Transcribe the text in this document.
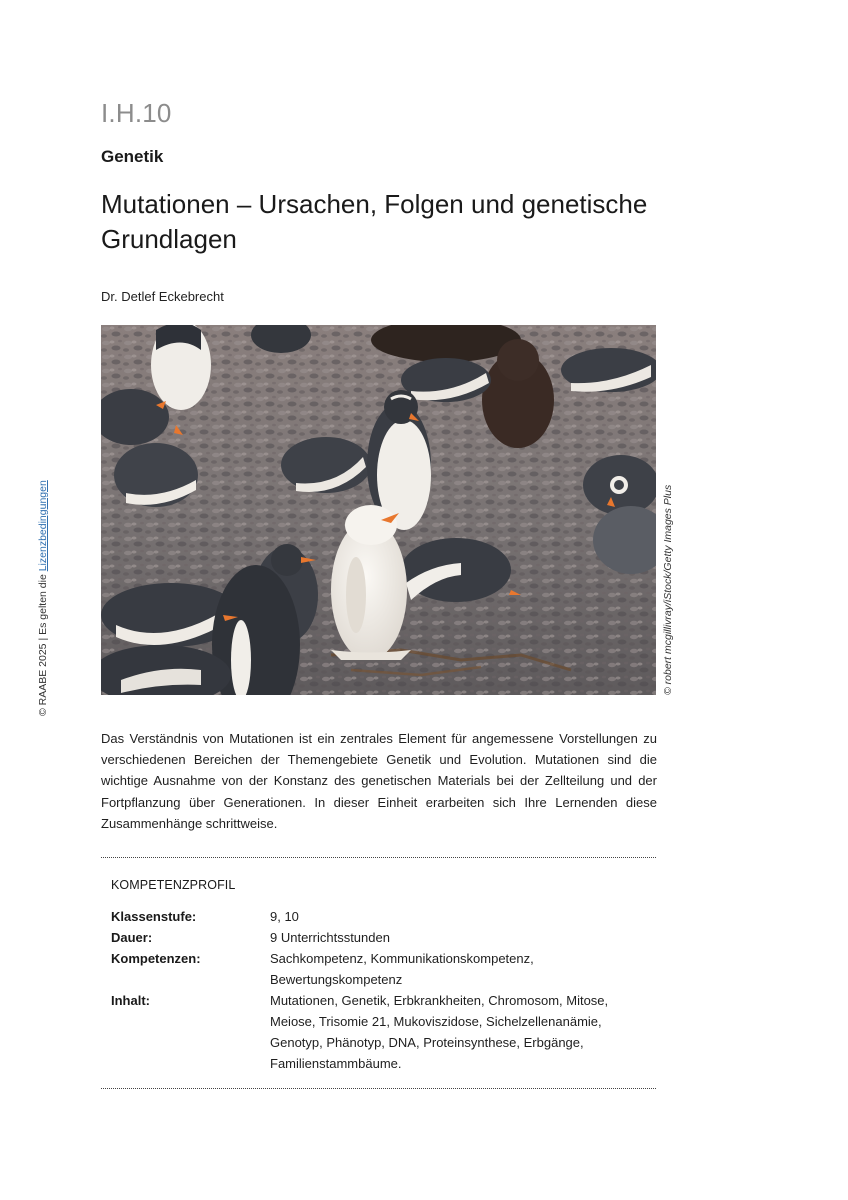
I.H.10
Genetik
Mutationen – Ursachen, Folgen und genetische Grundlagen
Dr. Detlef Eckebrecht
© robert mcgillivray/iStock/Getty Images Plus
© RAABE 2025 | Es gelten die Lizenzbedingungen

Das Verständnis von Mutationen ist ein zentrales Element für angemessene Vorstellungen zu verschiedenen Bereichen der Themengebiete Genetik und Evolution. Mutationen sind die wichtige Ausnahme von der Konstanz des genetischen Materials bei der Zellteilung und der Fortpflanzung über Generationen. In dieser Einheit erarbeiten sich Ihre Lernenden diese Zusammenhänge schrittweise.

KOMPETENZPROFIL
Klassenstufe:	9, 10
Dauer:	9 Unterrichtsstunden
Kompetenzen:	Sachkompetenz, Kommunikationskompetenz, Bewertungskompetenz
Inhalt:	Mutationen, Genetik, Erbkrankheiten, Chromosom, Mitose, Meiose, Trisomie 21, Mukoviszidose, Sichelzellenanämie, Genotyp, Phänotyp, DNA, Proteinsynthese, Erbgänge, Familienstammbäume.
